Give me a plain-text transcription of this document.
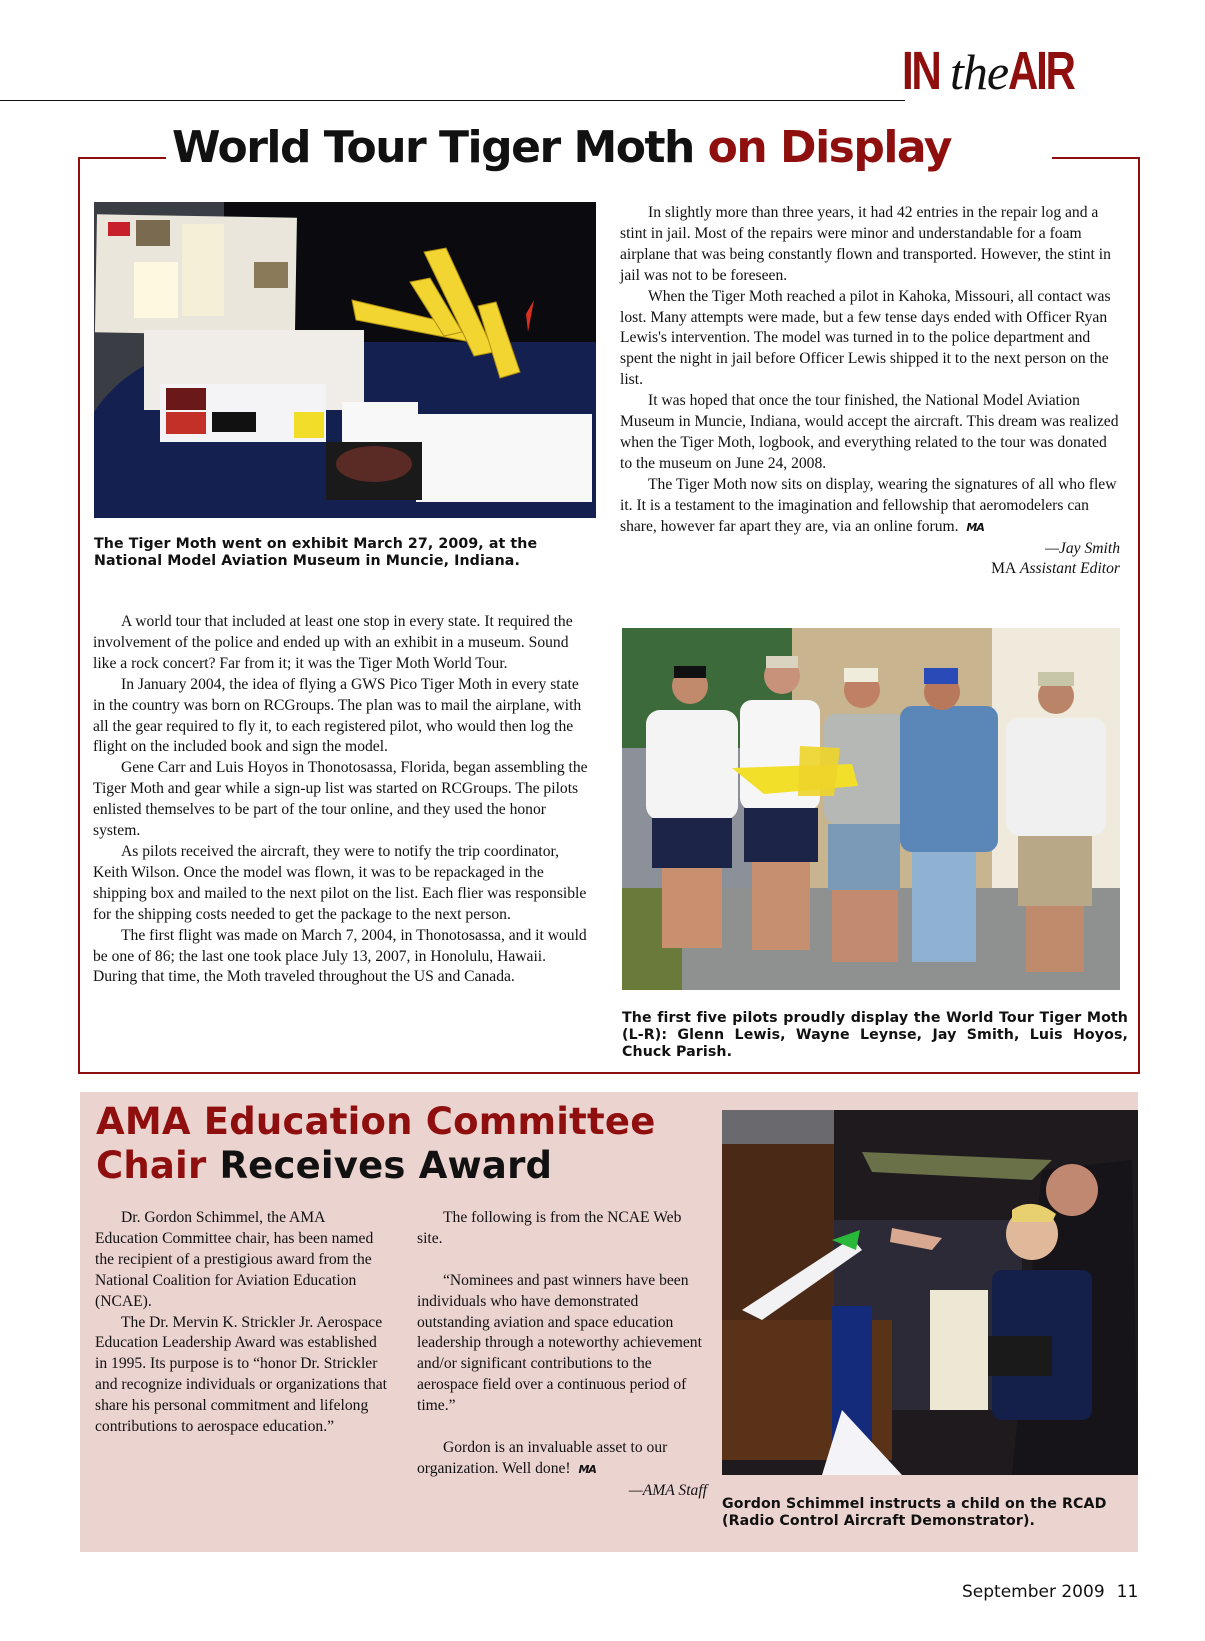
IN the AIR
World Tour Tiger Moth on Display
The Tiger Moth went on exhibit March 27, 2009, at the National Model Aviation Museum in Muncie, Indiana.

In slightly more than three years, it had 42 entries in the repair log and a stint in jail. Most of the repairs were minor and understandable for a foam airplane that was being constantly flown and transported. However, the stint in jail was not to be foreseen.

When the Tiger Moth reached a pilot in Kahoka, Missouri, all contact was lost. Many attempts were made, but a few tense days ended with Officer Ryan Lewis's intervention. The model was turned in to the police department and spent the night in jail before Officer Lewis shipped it to the next person on the list.

It was hoped that once the tour finished, the National Model Aviation Museum in Muncie, Indiana, would accept the aircraft. This dream was realized when the Tiger Moth, logbook, and everything related to the tour was donated to the museum on June 24, 2008.

The Tiger Moth now sits on display, wearing the signatures of all who flew it. It is a testament to the imagination and fellowship that aeromodelers can share, however far apart they are, via an online forum. MA

—Jay Smith

MA Assistant Editor

A world tour that included at least one stop in every state. It required the involvement of the police and ended up with an exhibit in a museum. Sound like a rock concert? Far from it; it was the Tiger Moth World Tour.

In January 2004, the idea of flying a GWS Pico Tiger Moth in every state in the country was born on RCGroups. The plan was to mail the airplane, with all the gear required to fly it, to each registered pilot, who would then log the flight on the included book and sign the model.

Gene Carr and Luis Hoyos in Thonotosassa, Florida, began assembling the Tiger Moth and gear while a sign-up list was started on RCGroups. The pilots enlisted themselves to be part of the tour online, and they used the honor system.

As pilots received the aircraft, they were to notify the trip coordinator, Keith Wilson. Once the model was flown, it was to be repackaged in the shipping box and mailed to the next pilot on the list. Each flier was responsible for the shipping costs needed to get the package to the next person.

The first flight was made on March 7, 2004, in Thonotosassa, and it would be one of 86; the last one took place July 13, 2007, in Honolulu, Hawaii. During that time, the Moth traveled throughout the US and Canada.

The first five pilots proudly display the World Tour Tiger Moth (L-R): Glenn Lewis, Wayne Leynse, Jay Smith, Luis Hoyos, Chuck Parish.
AMA Education Committee
Chair Receives Award

Dr. Gordon Schimmel, the AMA Education Committee chair, has been named the recipient of a prestigious award from the National Coalition for Aviation Education (NCAE).

The Dr. Mervin K. Strickler Jr. Aerospace Education Leadership Award was established in 1995. Its purpose is to “honor Dr. Strickler and recognize individuals or organizations that share his personal commitment and lifelong contributions to aerospace education.”

The following is from the NCAE Web site.

“Nominees and past winners have been individuals who have demonstrated outstanding aviation and space education leadership through a noteworthy achievement and/or significant contributions to the aerospace field over a continuous period of time.”

Gordon is an invaluable asset to our organization. Well done! MA

—AMA Staff

Gordon Schimmel instructs a child on the RCAD (Radio Control Aircraft Demonstrator).
September 2009 11
